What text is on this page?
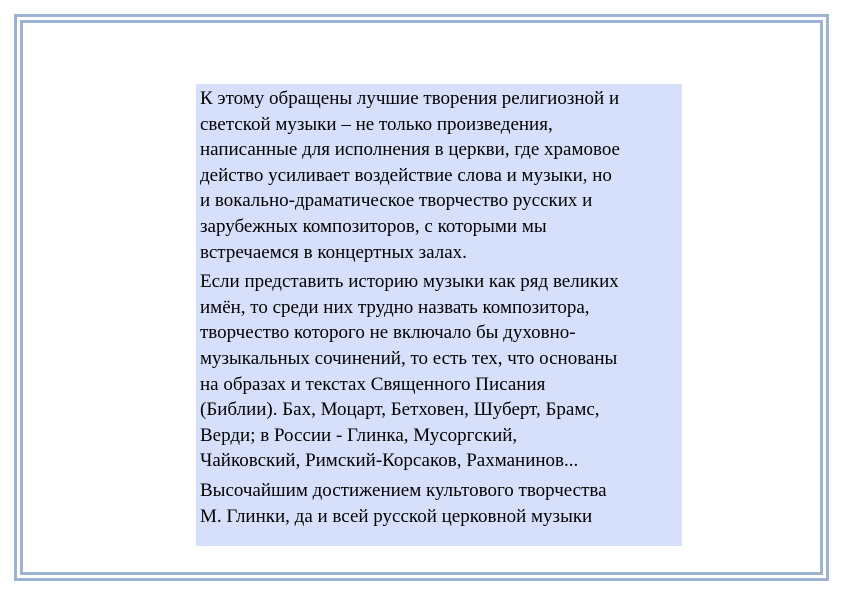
К этому обращены лучшие творения религиозной и
светской музыки – не только произведения,
написанные для исполнения в церкви, где храмовое
действо усиливает воздействие слова и музыки, но
и вокально-драматическое творчество русских и
зарубежных композиторов, с которыми мы
встречаемся в концертных залах.

Если представить историю музыки как ряд великих
имён, то среди них трудно назвать композитора,
творчество которого не включало бы духовно-
музыкальных сочинений, то есть тех, что основаны
на образах и текстах Священного Писания
(Библии). Бах, Моцарт, Бетховен, Шуберт, Брамс,
Верди; в России - Глинка, Мусоргский,
Чайковский, Римский-Корсаков, Рахманинов...

Высочайшим достижением культового творчества
М. Глинки, да и всей русской церковной музыки
